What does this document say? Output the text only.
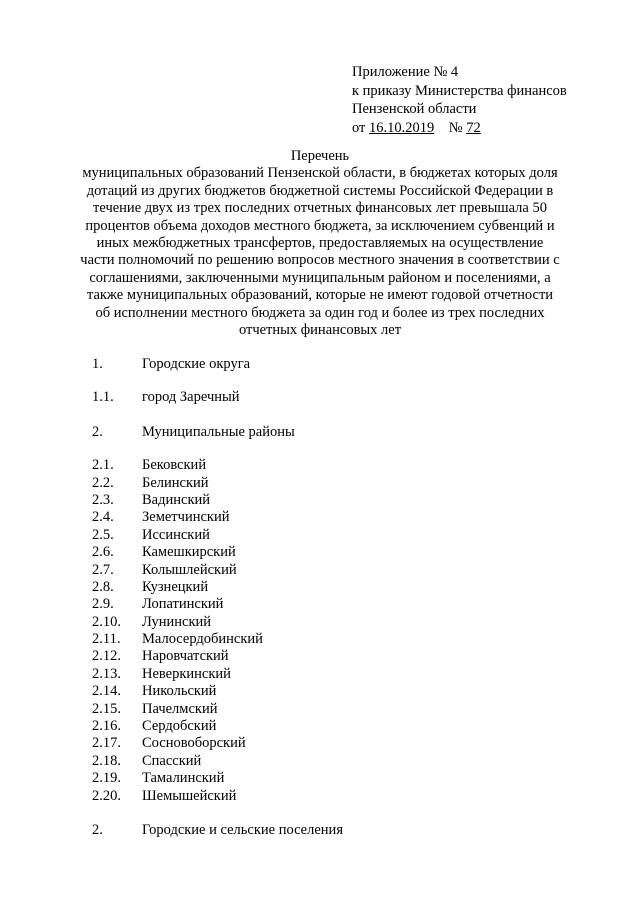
Приложение № 4
к приказу Министерства финансов
Пензенской области
от 16.10.2019 № 72
Перечень
муниципальных образований Пензенской области, в бюджетах которых доля
дотаций из других бюджетов бюджетной системы Российской Федерации в
течение двух из трех последних отчетных финансовых лет превышала 50
процентов объема доходов местного бюджета, за исключением субвенций и
иных межбюджетных трансфертов, предоставляемых на осуществление
части полномочий по решению вопросов местного значения в соответствии с
соглашениями, заключенными муниципальным районом и поселениями, а
также муниципальных образований, которые не имеют годовой отчетности
об исполнении местного бюджета за один год и более из трех последних
отчетных финансовых лет
1.	Городские округа
1.1.	город Заречный
2.	Муниципальные районы
2.1.	Бековский
2.2.	Белинский
2.3.	Вадинский
2.4.	Земетчинский
2.5.	Иссинский
2.6.	Камешкирский
2.7.	Колышлейский
2.8.	Кузнецкий
2.9.	Лопатинский
2.10.	Лунинский
2.11.	Малосердобинский
2.12.	Наровчатский
2.13.	Неверкинский
2.14.	Никольский
2.15.	Пачелмский
2.16.	Сердобский
2.17.	Сосновоборский
2.18.	Спасский
2.19.	Тамалинский
2.20.	Шемышейский
2.	Городские и сельские поселения
